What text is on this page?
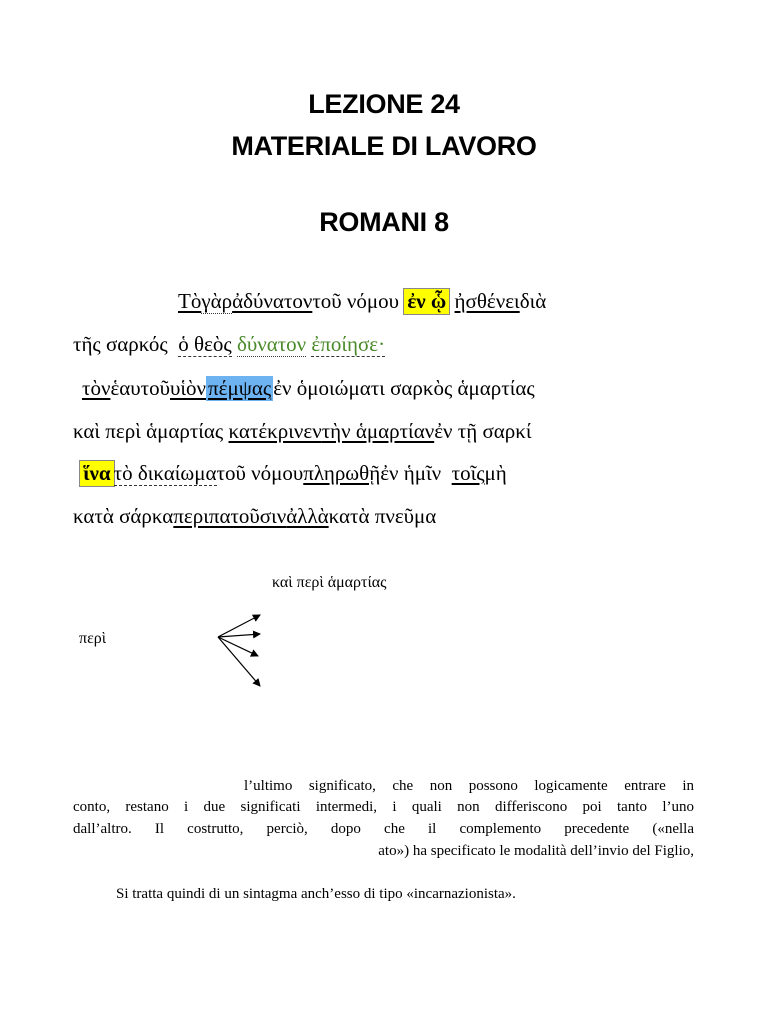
LEZIONE 24
MATERIALE DI LAVORO
ROMANI 8
Τὸγὰρἀδύνατοντοῦ νόμου ἐν ᾧ ἠσθένειδιὰ
τῆς σαρκός  ὁ θεὸς δύνατον ἐποίησε·
τὸνἑαυτοῦυἱὸνπέμψαςἐν ὁμοιώματι σαρκὸς ἁμαρτίας
καὶ περὶ ἁμαρτίας κατέκρινεντὴν ἁμαρτίανἐν τῇ σαρκί
ἵνα τὸ δικαίωματοῦ νόμουπληρωθῇἐν ἡμῖν  τοῖςμὴ
κατὰ σάρκαπεριπατοῦσινἀλλὰκατὰ πνεῦμα
καὶ περὶ ἁμαρτίας
περὶ
l’ultimo significato, che non possono logicamente entrare in
conto, restano i due significati intermedi, i quali non differiscono poi tanto l’uno
dall’altro. Il costrutto, perciò, dopo che il complemento precedente («nella
ato») ha specificato le modalità dell’invio del Figlio,
Si tratta quindi di un sintagma anch’esso di tipo «incarnazionista».
